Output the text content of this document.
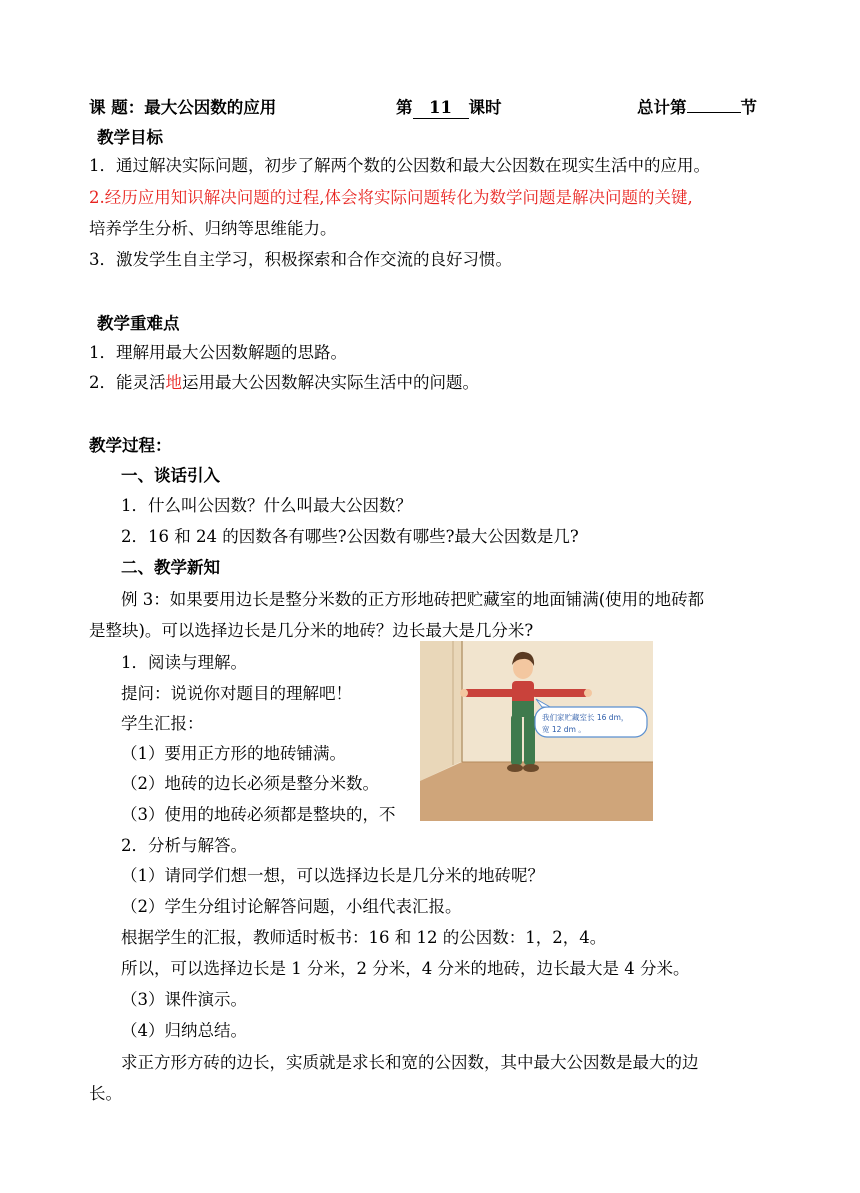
课 题：最大公因数的应用	第 11 课时	总计第	节
教学目标
1．通过解决实际问题，初步了解两个数的公因数和最大公因数在现实生活中的应用。
2.经历应用知识解决问题的过程,体会将实际问题转化为数学问题是解决问题的关键,
培养学生分析、归纳等思维能力。
3．激发学生自主学习，积极探索和合作交流的良好习惯。
教学重难点
1．理解用最大公因数解题的思路。
2．能灵活地运用最大公因数解决实际生活中的问题。
教学过程：
一、谈话引入
1．什么叫公因数？什么叫最大公因数？
2．16 和 24 的因数各有哪些?公因数有哪些?最大公因数是几?
二、教学新知
例 3：如果要用边长是整分米数的正方形地砖把贮藏室的地面铺满(使用的地砖都
是整块)。可以选择边长是几分米的地砖？边长最大是几分米?
1．阅读与理解。
提问：说说你对题目的理解吧！
学生汇报：
（1）要用正方形的地砖铺满。
（2）地砖的边长必须是整分米数。
（3）使用的地砖必须都是整块的，不
我们家贮藏室长 16 dm，
宽 12 dm 。
2．分析与解答。
（1）请同学们想一想，可以选择边长是几分米的地砖呢？
（2）学生分组讨论解答问题，小组代表汇报。
根据学生的汇报，教师适时板书：16 和 12 的公因数：1，2，4。
所以，可以选择边长是 1 分米，2 分米，4 分米的地砖，边长最大是 4 分米。
（3）课件演示。
（4）归纳总结。
求正方形方砖的边长，实质就是求长和宽的公因数，其中最大公因数是最大的边
长。
